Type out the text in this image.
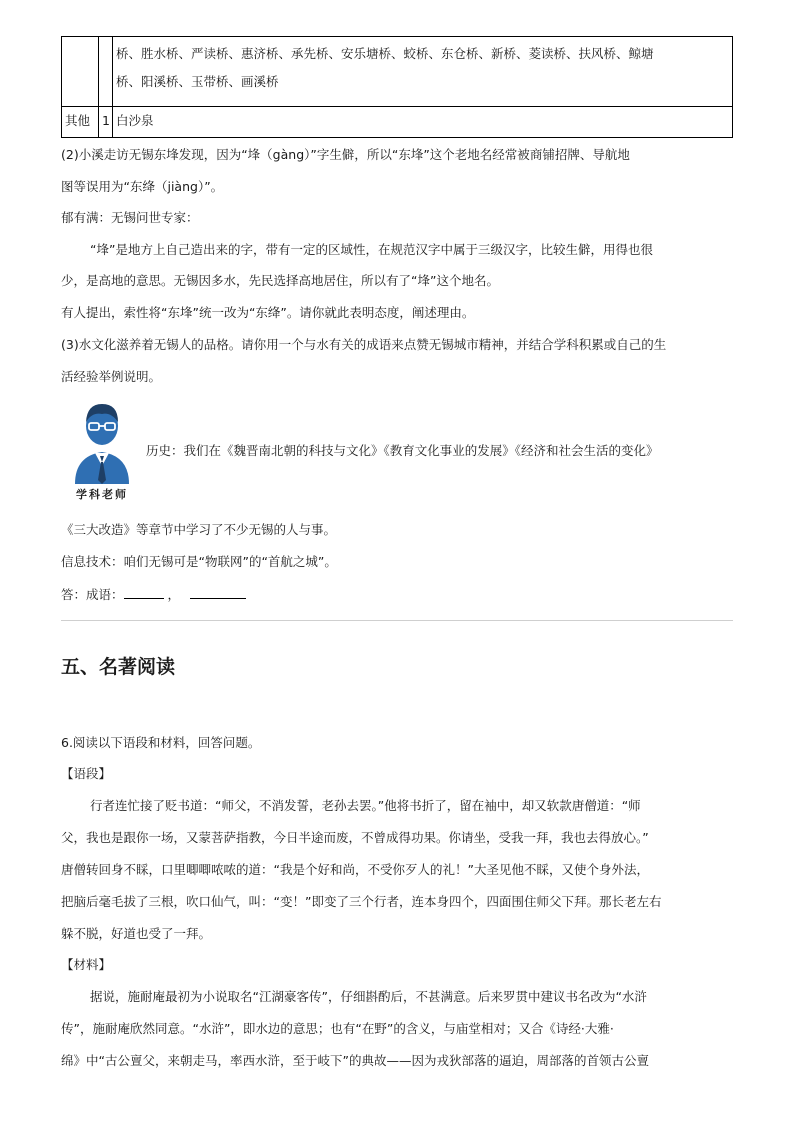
		桥、胜水桥、严读桥、惠济桥、承先桥、安乐塘桥、蛟桥、东仓桥、新桥、菱读桥、扶风桥、鲸塘
桥、阳溪桥、玉带桥、画溪桥

其他	1	白沙泉
(2)小溪走访无锡东埄发现，因为“埄（gàng）”字生僻，所以“东埄”这个老地名经常被商铺招牌、导航地
图等误用为“东绛（jiàng）”。
郁有满：无锡问世专家：
“埄”是地方上自己造出来的字，带有一定的区域性，在规范汉字中属于三级汉字，比较生僻，用得也很
少，是高地的意思。无锡因多水，先民选择高地居住，所以有了“埄”这个地名。
有人提出，索性将“东埄”统一改为“东绛”。请你就此表明态度，阐述理由。
(3)水文化滋养着无锡人的品格。请你用一个与水有关的成语来点赞无锡城市精神，并结合学科积累或自己的生
活经验举例说明。
学科老师
历史：我们在《魏晋南北朝的科技与文化》《教育文化事业的发展》《经济和社会生活的变化》
《三大改造》等章节中学习了不少无锡的人与事。
信息技术：咱们无锡可是“物联网”的“首航之城”。
答：成语：	，
五、名著阅读
6.阅读以下语段和材料，回答问题。
【语段】
行者连忙接了贬书道：“师父，不消发誓，老孙去罢。”他将书折了，留在袖中，却又软款唐僧道：“师
父，我也是跟你一场，又蒙菩萨指教，今日半途而废，不曾成得功果。你请坐，受我一拜，我也去得放心。”
唐僧转回身不睬，口里唧唧哝哝的道：“我是个好和尚，不受你歹人的礼！”大圣见他不睬，又使个身外法，
把脑后毫毛拔了三根，吹口仙气，叫：“变！”即变了三个行者，连本身四个，四面围住师父下拜。那长老左右
躲不脱，好道也受了一拜。
【材料】
据说，施耐庵最初为小说取名“江湖豪客传”，仔细斟酌后，不甚满意。后来罗贯中建议书名改为“水浒
传”，施耐庵欣然同意。“水浒”，即水边的意思；也有“在野”的含义，与庙堂相对；又合《诗经·大雅·
绵》中“古公亶父，来朝走马，率西水浒，至于岐下”的典故——因为戎狄部落的逼迫，周部落的首领古公亶
